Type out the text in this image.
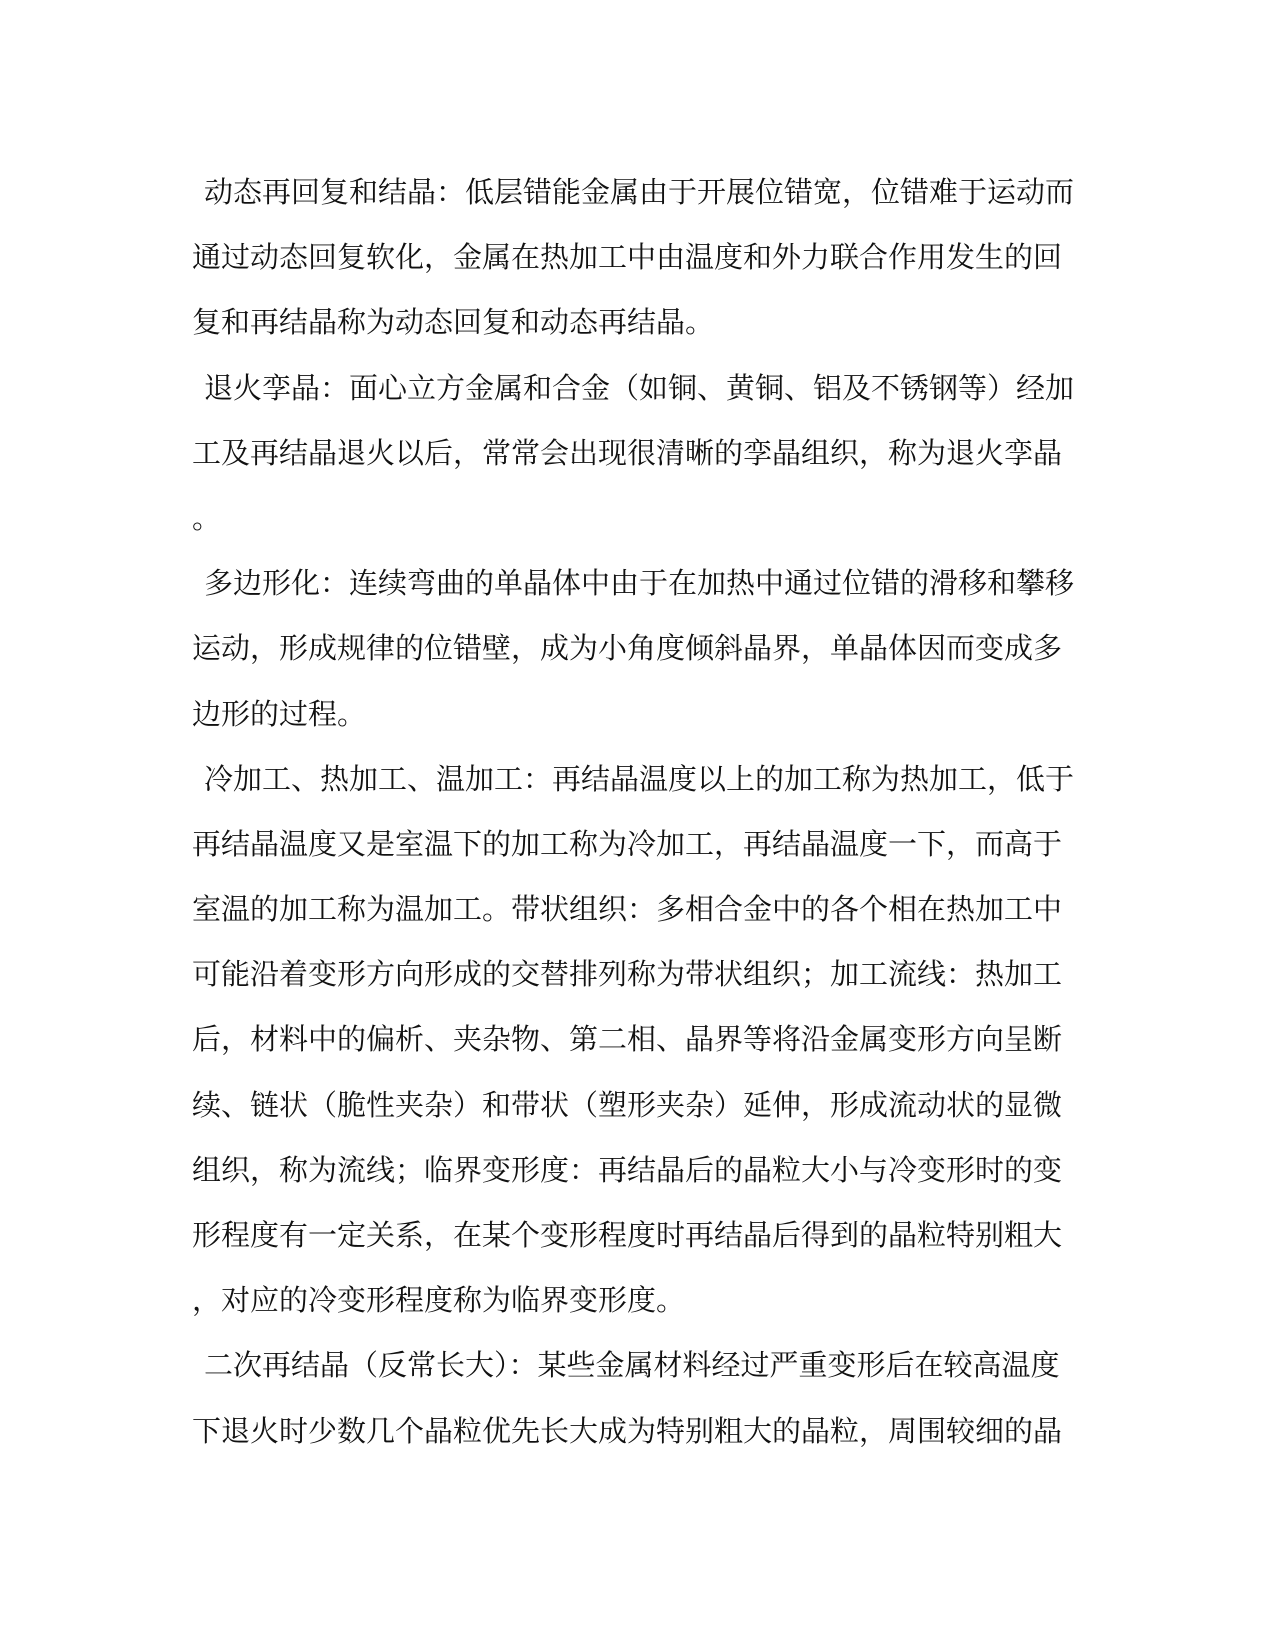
动态再回复和结晶：低层错能金属由于开展位错宽，位错难于运动而
通过动态回复软化，金属在热加工中由温度和外力联合作用发生的回
复和再结晶称为动态回复和动态再结晶。
退火孪晶：面心立方金属和合金（如铜、黄铜、铝及不锈钢等）经加
工及再结晶退火以后，常常会出现很清晰的孪晶组织，称为退火孪晶
。
多边形化：连续弯曲的单晶体中由于在加热中通过位错的滑移和攀移
运动，形成规律的位错壁，成为小角度倾斜晶界，单晶体因而变成多
边形的过程。
冷加工、热加工、温加工：再结晶温度以上的加工称为热加工，低于
再结晶温度又是室温下的加工称为冷加工，再结晶温度一下，而高于
室温的加工称为温加工。带状组织：多相合金中的各个相在热加工中
可能沿着变形方向形成的交替排列称为带状组织；加工流线：热加工
后，材料中的偏析、夹杂物、第二相、晶界等将沿金属变形方向呈断
续、链状（脆性夹杂）和带状（塑形夹杂）延伸，形成流动状的显微
组织，称为流线；临界变形度：再结晶后的晶粒大小与冷变形时的变
形程度有一定关系，在某个变形程度时再结晶后得到的晶粒特别粗大
，对应的冷变形程度称为临界变形度。
二次再结晶（反常长大）：某些金属材料经过严重变形后在较高温度
下退火时少数几个晶粒优先长大成为特别粗大的晶粒，周围较细的晶
